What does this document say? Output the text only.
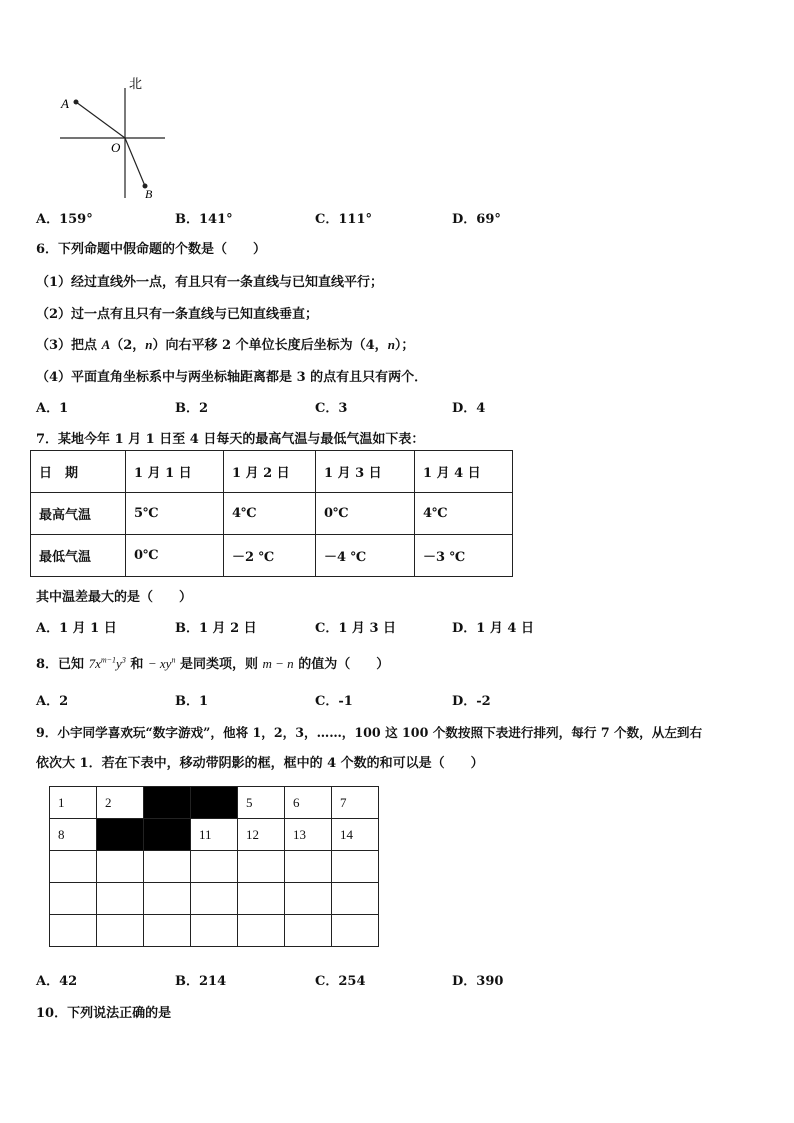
北
A
O
B
A．159°	B．141°	C．111°	D．69°
6．下列命题中假命题的个数是（　　）
（1）经过直线外一点，有且只有一条直线与已知直线平行；
（2）过一点有且只有一条直线与已知直线垂直；
（3）把点 A（2，n）向右平移 2 个单位长度后坐标为（4，n）；
（4）平面直角坐标系中与两坐标轴距离都是 3 的点有且只有两个．
A．1	B．2	C．3	D．4
7．某地今年 1 月 1 日至 4 日每天的最高气温与最低气温如下表：
日　期	1 月 1 日	1 月 2 日	1 月 3 日	1 月 4 日
最高气温	5℃	4℃	0℃	4℃
最低气温	0℃	－2 ℃	－4 ℃	－3 ℃
其中温差最大的是（　　）
A．1 月 1 日	B．1 月 2 日	C．1 月 3 日	D．1 月 4 日
8．已知 $7x^{m-1}y^3$ 和 − $xy^n$ 是同类项，则 m − n 的值为（　　）
A．2	B．1	C．-1	D．-2
9．小宇同学喜欢玩“数字游戏”，他将 1，2，3，……，100 这 100 个数按照下表进行排列，每行 7 个数，从左到右
依次大 1．若在下表中，移动带阴影的框，框中的 4 个数的和可以是（　　）
1	2			5	6	7
8			11	12	13	14

A．42	B．214	C．254	D．390
10．下列说法正确的是
